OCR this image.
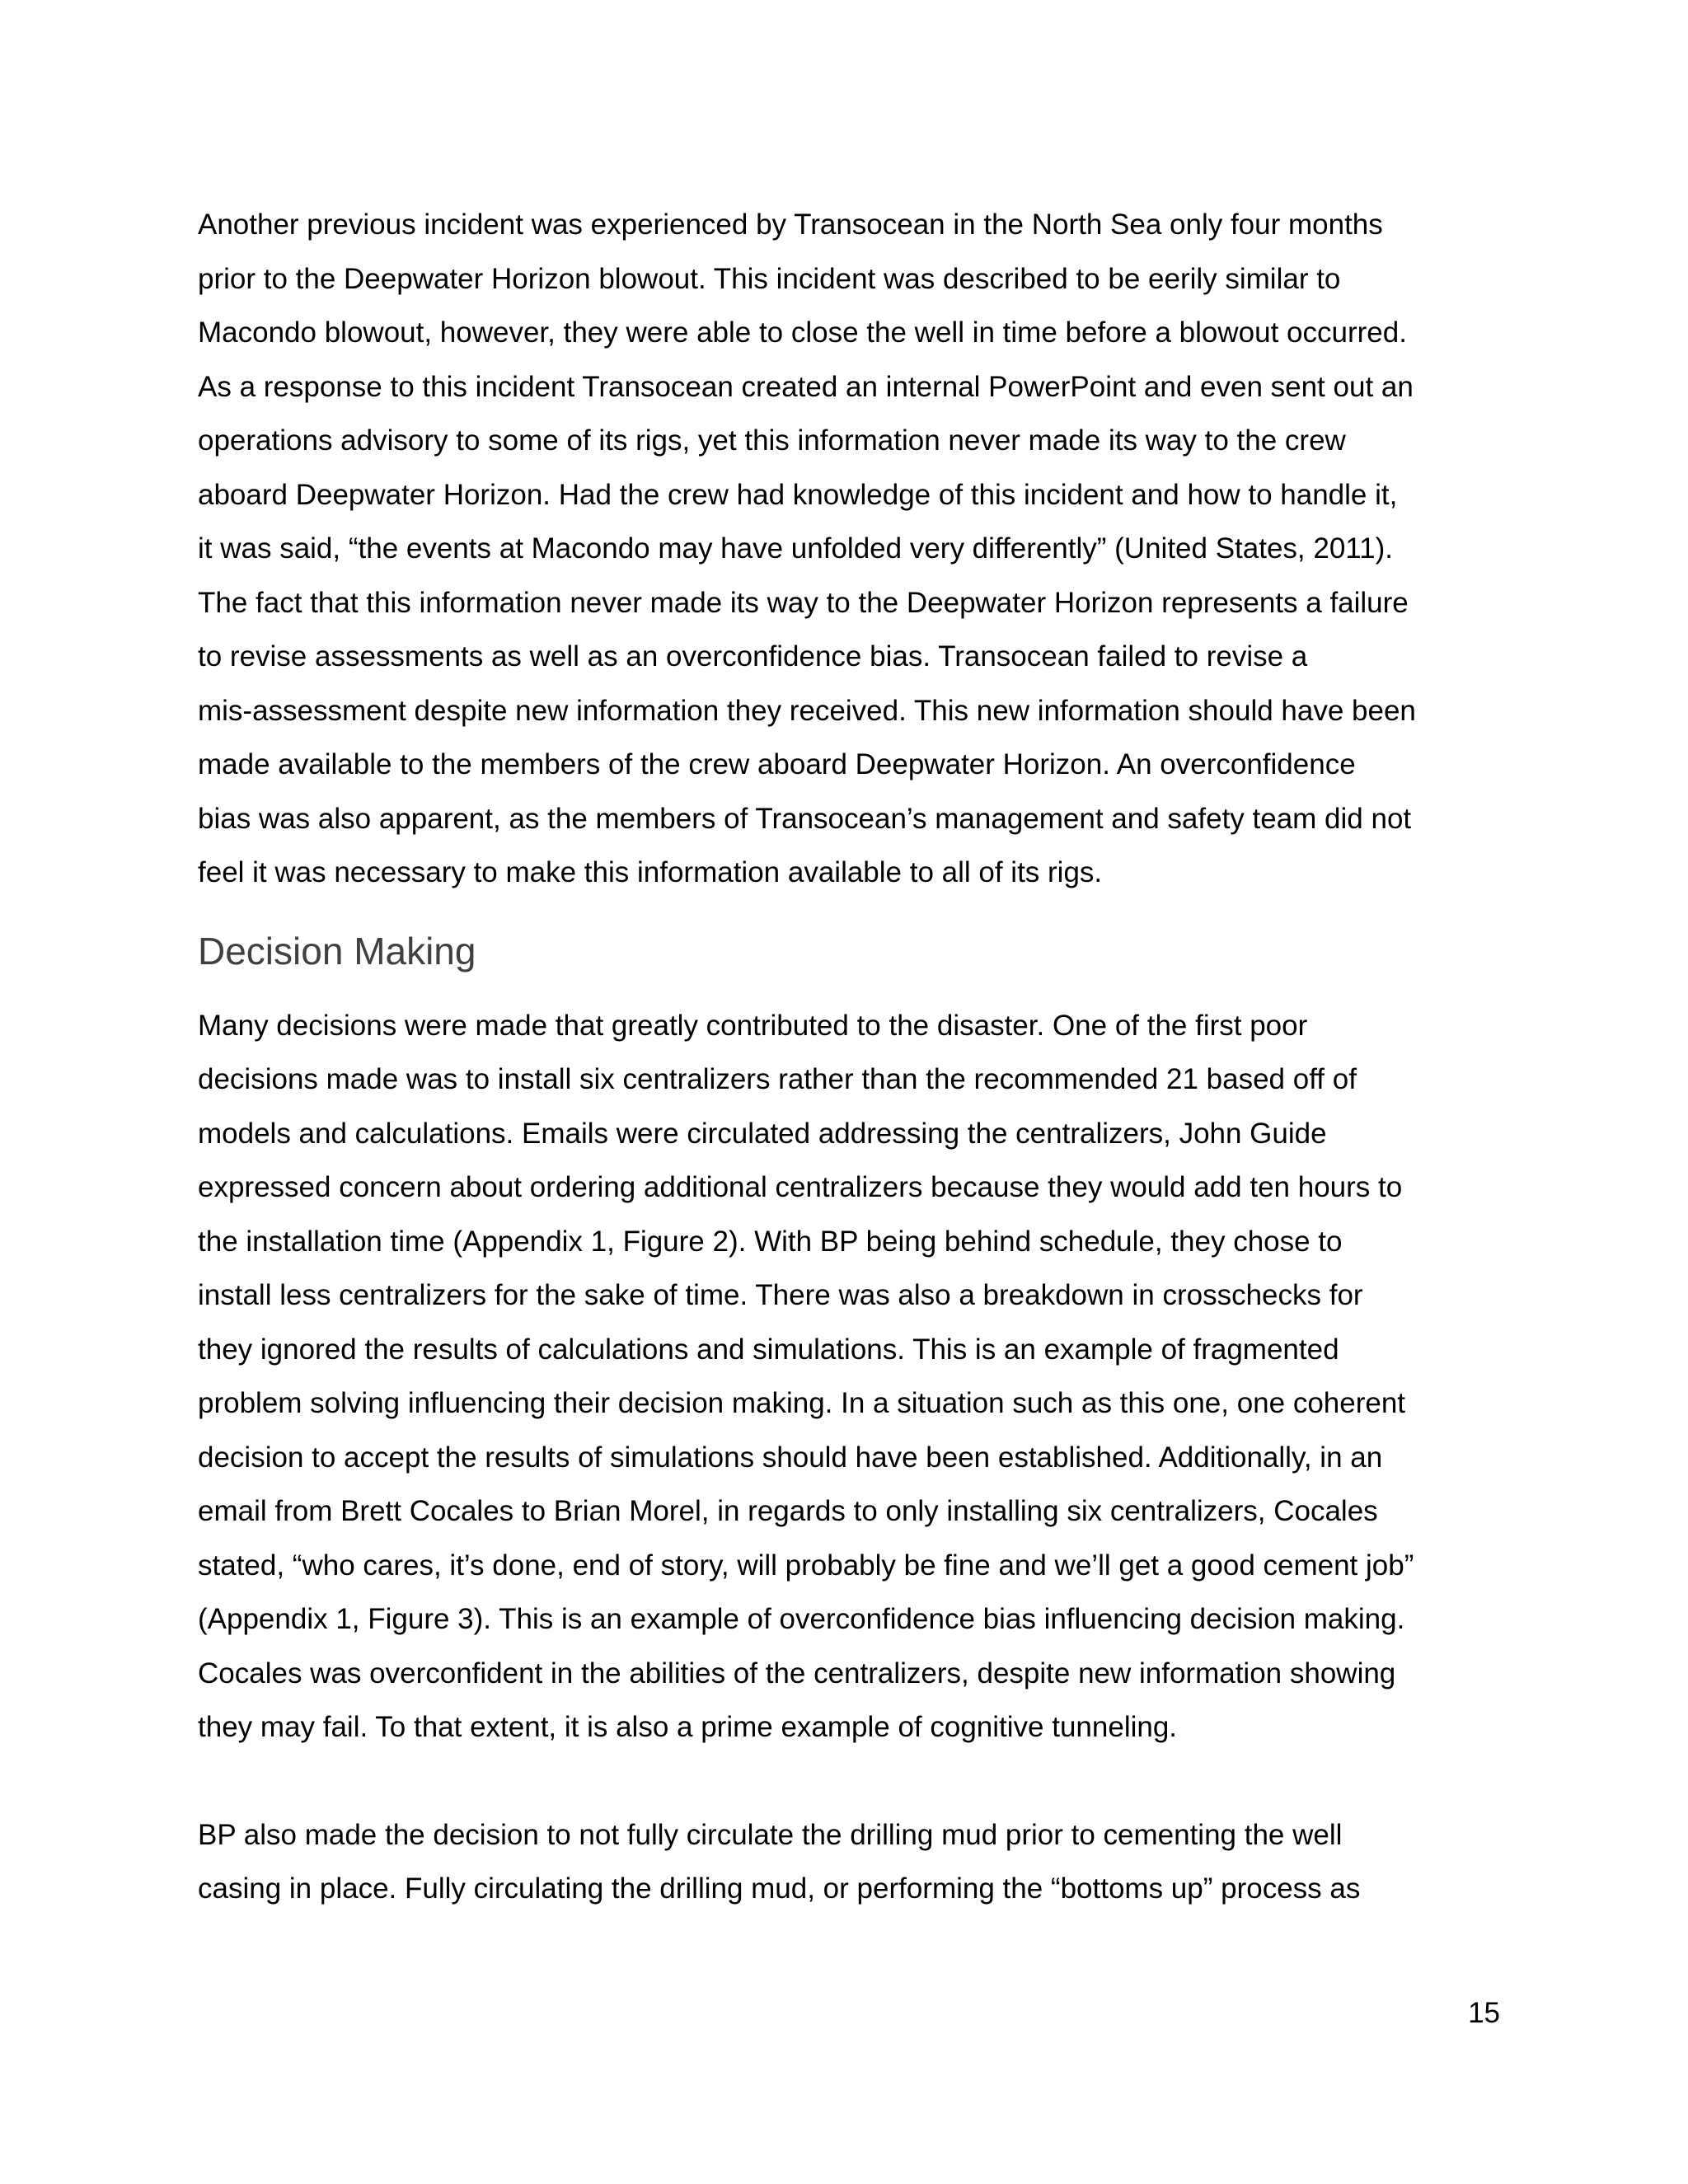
Another previous incident was experienced by Transocean in the North Sea only four months
prior to the Deepwater Horizon blowout. This incident was described to be eerily similar to
Macondo blowout, however, they were able to close the well in time before a blowout occurred.
As a response to this incident Transocean created an internal PowerPoint and even sent out an
operations advisory to some of its rigs, yet this information never made its way to the crew
aboard Deepwater Horizon. Had the crew had knowledge of this incident and how to handle it,
it was said, “the events at Macondo may have unfolded very differently” (United States, 2011).
The fact that this information never made its way to the Deepwater Horizon represents a failure
to revise assessments as well as an overconfidence bias. Transocean failed to revise a
mis-assessment despite new information they received. This new information should have been
made available to the members of the crew aboard Deepwater Horizon. An overconfidence
bias was also apparent, as the members of Transocean’s management and safety team did not
feel it was necessary to make this information available to all of its rigs.
Decision Making
Many decisions were made that greatly contributed to the disaster. One of the first poor
decisions made was to install six centralizers rather than the recommended 21 based off of
models and calculations. Emails were circulated addressing the centralizers, John Guide
expressed concern about ordering additional centralizers because they would add ten hours to
the installation time (Appendix 1, Figure 2). With BP being behind schedule, they chose to
install less centralizers for the sake of time. There was also a breakdown in crosschecks for
they ignored the results of calculations and simulations. This is an example of fragmented
problem solving influencing their decision making. In a situation such as this one, one coherent
decision to accept the results of simulations should have been established. Additionally, in an
email from Brett Cocales to Brian Morel, in regards to only installing six centralizers, Cocales
stated, “who cares, it’s done, end of story, will probably be fine and we’ll get a good cement job”
(Appendix 1, Figure 3). This is an example of overconfidence bias influencing decision making.
Cocales was overconfident in the abilities of the centralizers, despite new information showing
they may fail. To that extent, it is also a prime example of cognitive tunneling.
BP also made the decision to not fully circulate the drilling mud prior to cementing the well
casing in place. Fully circulating the drilling mud, or performing the “bottoms up” process as
15
